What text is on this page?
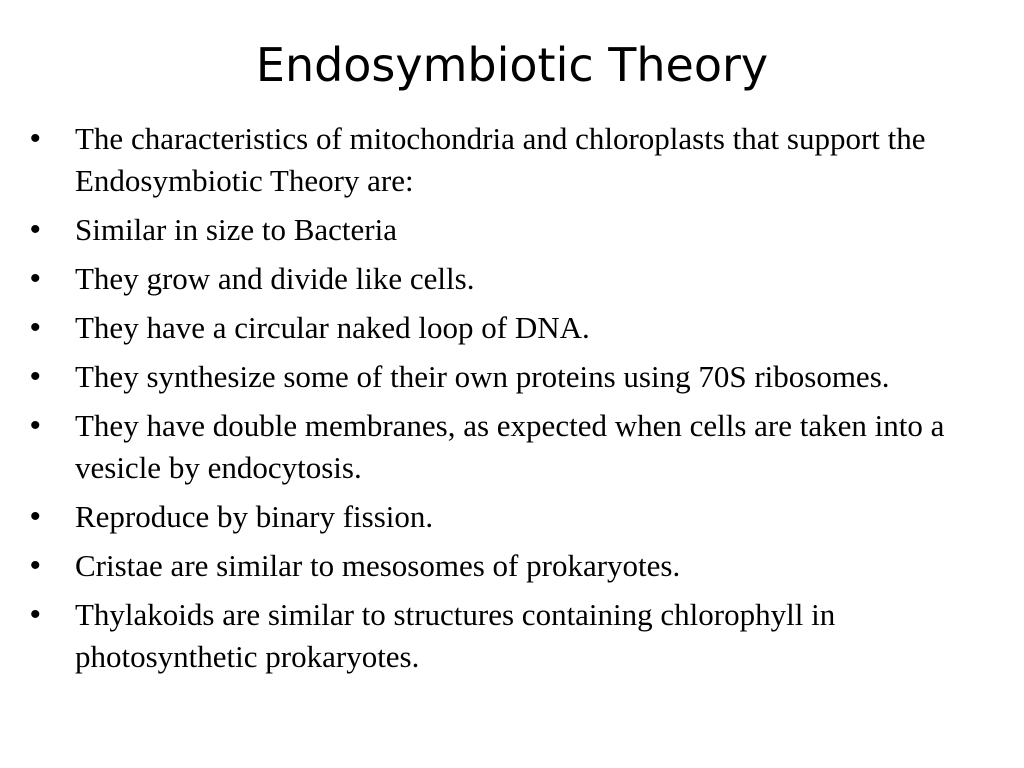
Endosymbiotic Theory
•	The characteristics of mitochondria and chloroplasts that support the Endosymbiotic Theory are:
•	Similar in size to Bacteria
•	They grow and divide like cells.
•	They have a circular naked loop of DNA.
•	They synthesize some of their own proteins using 70S ribosomes.
•	They have double membranes, as expected when cells are taken into a vesicle by endocytosis.
•	Reproduce by binary fission.
•	Cristae are similar to mesosomes of prokaryotes.
•	Thylakoids are similar to structures containing chlorophyll in photosynthetic prokaryotes.
